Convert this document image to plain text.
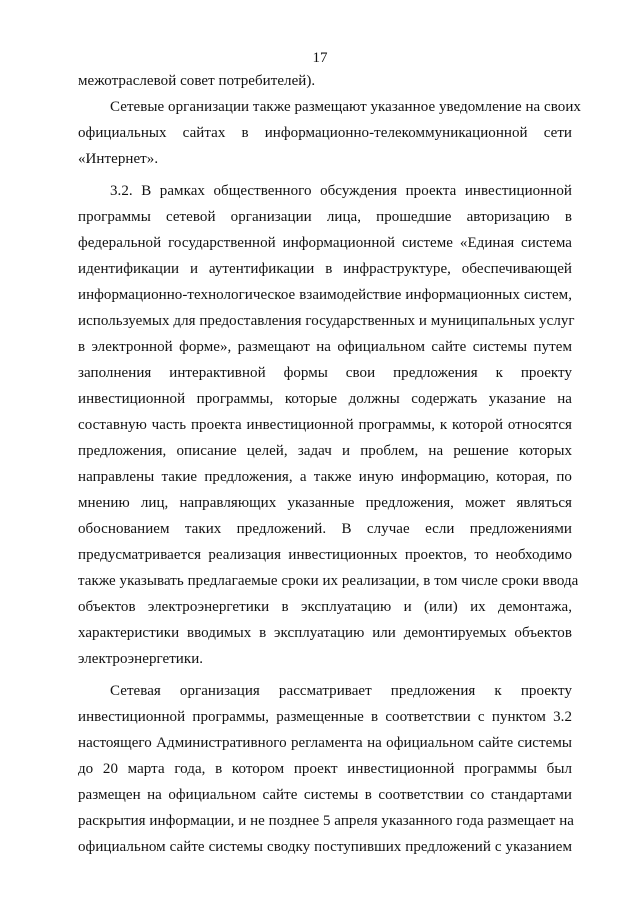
17
межотраслевой совет потребителей).
Сетевые организации также размещают указанное уведомление на своих
официальных сайтах в информационно-телекоммуникационной сети
«Интернет».
3.2. В рамках общественного обсуждения проекта инвестиционной
программы сетевой организации лица, прошедшие авторизацию в
федеральной государственной информационной системе «Единая система
идентификации и аутентификации в инфраструктуре, обеспечивающей
информационно-технологическое взаимодействие информационных систем,
используемых для предоставления государственных и муниципальных услуг
в электронной форме», размещают на официальном сайте системы путем
заполнения интерактивной формы свои предложения к проекту
инвестиционной программы, которые должны содержать указание на
составную часть проекта инвестиционной программы, к которой относятся
предложения, описание целей, задач и проблем, на решение которых
направлены такие предложения, а также иную информацию, которая, по
мнению лиц, направляющих указанные предложения, может являться
обоснованием таких предложений. В случае если предложениями
предусматривается реализация инвестиционных проектов, то необходимо
также указывать предлагаемые сроки их реализации, в том числе сроки ввода
объектов электроэнергетики в эксплуатацию и (или) их демонтажа,
характеристики вводимых в эксплуатацию или демонтируемых объектов
электроэнергетики.
Сетевая организация рассматривает предложения к проекту
инвестиционной программы, размещенные в соответствии с пунктом 3.2
настоящего Административного регламента на официальном сайте системы
до 20 марта года, в котором проект инвестиционной программы был
размещен на официальном сайте системы в соответствии со стандартами
раскрытия информации, и не позднее 5 апреля указанного года размещает на
официальном сайте системы сводку поступивших предложений с указанием
